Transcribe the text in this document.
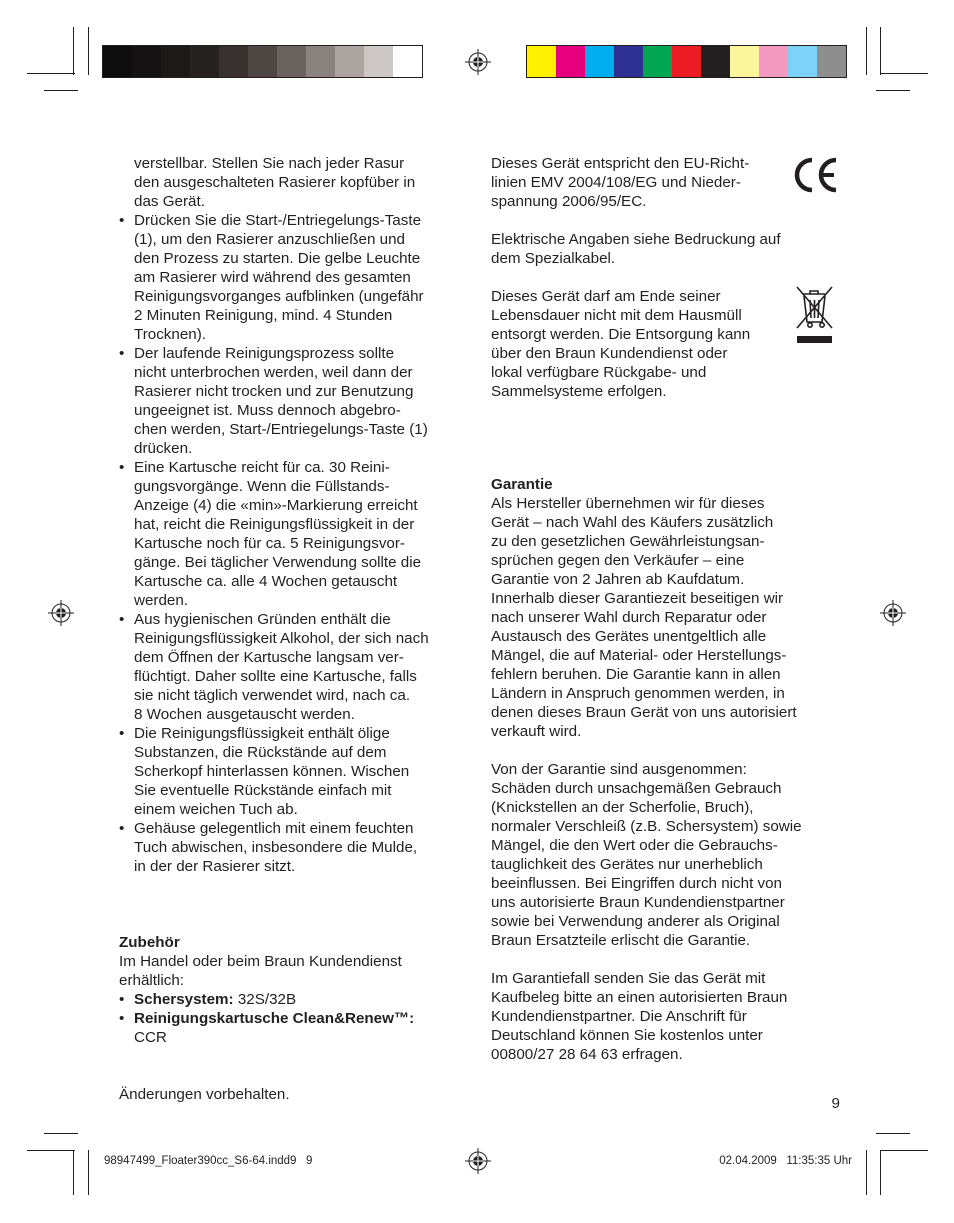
verstellbar. Stellen Sie nach jeder Rasur
den ausgeschalteten Rasierer kopfüber in
das Gerät.
• Drücken Sie die Start-/Entriegelungs-Taste
(1), um den Rasierer anzuschließen und
den Prozess zu starten. Die gelbe Leuchte
am Rasierer wird während des gesamten
Reinigungsvorganges aufblinken (ungefähr
2 Minuten Reinigung, mind. 4 Stunden
Trocknen).
• Der laufende Reinigungsprozess sollte
nicht unterbrochen werden, weil dann der
Rasierer nicht trocken und zur Benutzung
ungeeignet ist. Muss dennoch abgebro-
chen werden, Start-/Entriegelungs-Taste (1)
drücken.
• Eine Kartusche reicht für ca. 30 Reini-
gungsvorgänge. Wenn die Füllstands-
Anzeige (4) die «min»-Markierung erreicht
hat, reicht die Reinigungsflüssigkeit in der
Kartusche noch für ca. 5 Reinigungsvor-
gänge. Bei täglicher Verwendung sollte die
Kartusche ca. alle 4 Wochen getauscht
werden.
• Aus hygienischen Gründen enthält die
Reinigungsflüssigkeit Alkohol, der sich nach
dem Öffnen der Kartusche langsam ver-
flüchtigt. Daher sollte eine Kartusche, falls
sie nicht täglich verwendet wird, nach ca.
8 Wochen ausgetauscht werden.
• Die Reinigungsflüssigkeit enthält ölige
Substanzen, die Rückstände auf dem
Scherkopf hinterlassen können. Wischen
Sie eventuelle Rückstände einfach mit
einem weichen Tuch ab.
• Gehäuse gelegentlich mit einem feuchten
Tuch abwischen, insbesondere die Mulde,
in der der Rasierer sitzt.
Zubehör
Im Handel oder beim Braun Kundendienst
erhältlich:
• Schersystem: 32S/32B
• Reinigungskartusche Clean&Renew™:
CCR
Änderungen vorbehalten.
Dieses Gerät entspricht den EU-Richt-
linien EMV 2004/108/EG und Nieder-
spannung 2006/95/EC.
Elektrische Angaben siehe Bedruckung auf
dem Spezialkabel.
Dieses Gerät darf am Ende seiner
Lebensdauer nicht mit dem Hausmüll
entsorgt werden. Die Entsorgung kann
über den Braun Kundendienst oder
lokal verfügbare Rückgabe- und
Sammelsysteme erfolgen.
Garantie
Als Hersteller übernehmen wir für dieses
Gerät – nach Wahl des Käufers zusätzlich
zu den gesetzlichen Gewährleistungsan-
sprüchen gegen den Verkäufer – eine
Garantie von 2 Jahren ab Kaufdatum.
Innerhalb dieser Garantiezeit beseitigen wir
nach unserer Wahl durch Reparatur oder
Austausch des Gerätes unentgeltlich alle
Mängel, die auf Material- oder Herstellungs-
fehlern beruhen. Die Garantie kann in allen
Ländern in Anspruch genommen werden, in
denen dieses Braun Gerät von uns autorisiert
verkauft wird.
Von der Garantie sind ausgenommen:
Schäden durch unsachgemäßen Gebrauch
(Knickstellen an der Scherfolie, Bruch),
normaler Verschleiß (z.B. Schersystem) sowie
Mängel, die den Wert oder die Gebrauchs-
tauglichkeit des Gerätes nur unerheblich
beeinflussen. Bei Eingriffen durch nicht von
uns autorisierte Braun Kundendienstpartner
sowie bei Verwendung anderer als Original
Braun Ersatzteile erlischt die Garantie.
Im Garantiefall senden Sie das Gerät mit
Kaufbeleg bitte an einen autorisierten Braun
Kundendienstpartner. Die Anschrift für
Deutschland können Sie kostenlos unter
00800/27 28 64 63 erfragen.
9
98947499_Floater390cc_S6-64.indd9   9	02.04.2009   11:35:35 Uhr
